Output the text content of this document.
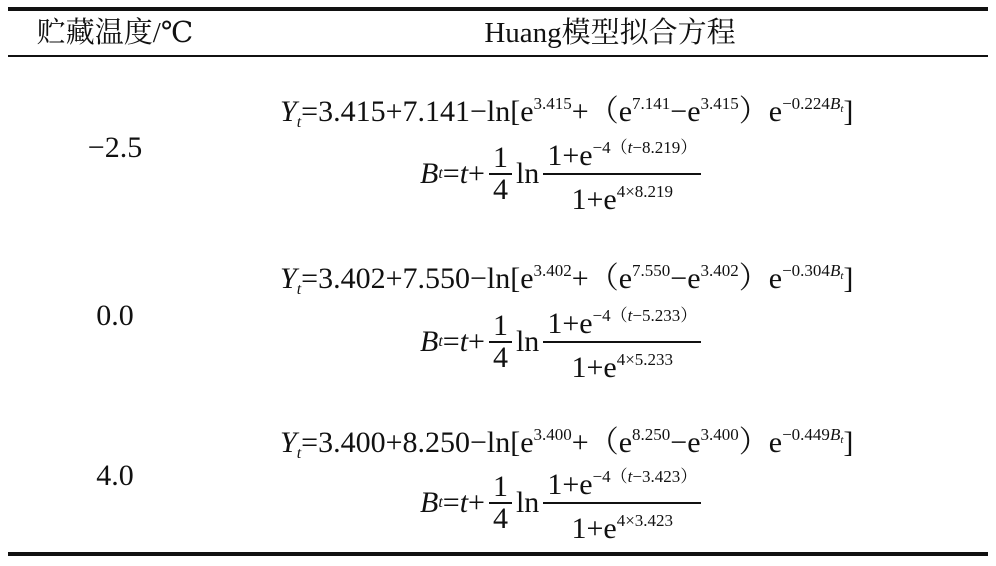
贮藏温度/℃	Huang模型拟合方程
−2.5
$Y_t=3.415+7.141-\ln[e^{3.415}+(e^{7.141}-e^{3.415})e^{-0.224Bt}]$
B $t = t + \frac{1}{4}$ $\ln \frac{1+e^{-4(t-8.219)}}{1+e^{4\times 8.219}}$
0.0
$Y_t=3.402+7.550-\ln[e^{3.402}+(e^{7.550}-e^{3.402})e^{-0.304Bt}]$
B $t = t + \frac{1}{4}$ $\ln \frac{1+e^{-4(t-5.233)}}{1+e^{4\times 5.233}}$
4.0
$Y_t=3.400+8.250-\ln[e^{3.400}+(e^{8.250}-e^{3.400})e^{-0.449Bt}]$
B $t = t + \frac{1}{4}$ $\ln \frac{1+e^{-4(t-3.423)}}{1+e^{4\times 3.423}}$
